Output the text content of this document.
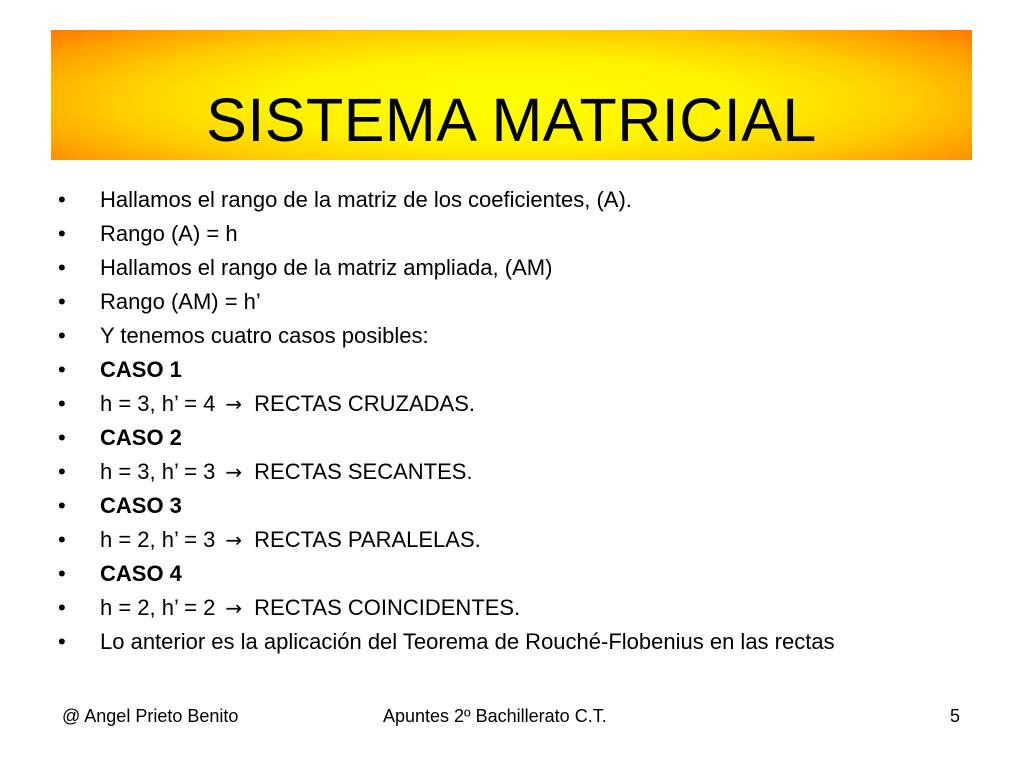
SISTEMA MATRICIAL
•	Hallamos el rango de la matriz de los coeficientes, (A).
•	Rango (A) = h
•	Hallamos el rango de la matriz ampliada, (AM)
•	Rango (AM) = h’
•	Y tenemos cuatro casos posibles:
•	CASO 1
•	h = 3, h’ = 4 → RECTAS CRUZADAS.
•	CASO 2
•	h = 3, h’ = 3 → RECTAS SECANTES.
•	CASO 3
•	h = 2, h’ = 3 → RECTAS PARALELAS.
•	CASO 4
•	h = 2, h’ = 2 → RECTAS COINCIDENTES.
•	Lo anterior es la aplicación del Teorema de Rouché-Flobenius en las rectas
@ Angel Prieto Benito	Apuntes 2º Bachillerato C.T.	5
